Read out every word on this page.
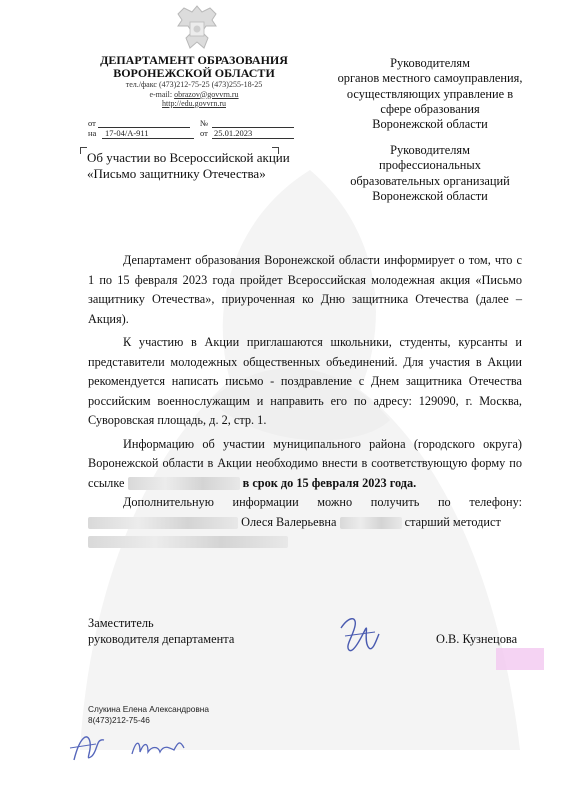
ДЕПАРТАМЕНТ ОБРАЗОВАНИЯ
ВОРОНЕЖСКОЙ ОБЛАСТИ
тел./факс (473)212-75-25 (473)255-18-25
e-mail: obrazov@govvrn.ru
http://edu.govvrn.ru
от	№
на 17-04/А-911	от 25.01.2023
Руководителям
органов местного самоуправления,
осуществляющих управление в
сфере образования
Воронежской области
Руководителям
профессиональных
образовательных организаций
Воронежской области
Об участии во Всероссийской акции
«Письмо защитнику Отечества»

Департамент образования Воронежской области информирует о том, что с 1 по 15 февраля 2023 года пройдет Всероссийская молодежная акция «Письмо защитнику Отечества», приуроченная ко Дню защитника Отечества (далее – Акция).

К участию в Акции приглашаются школьники, студенты, курсанты и представители молодежных общественных объединений. Для участия в Акции рекомендуется написать письмо - поздравление с Днем защитника Отечества российским военнослужащим и направить его по адресу: 129090, г. Москва, Суворовская площадь, д. 2, стр. 1.

Информацию об участии муниципального района (городского округа) Воронежской области в Акции необходимо внести в соответствующую форму по ссылке	в срок до 15 февраля 2023 года.

Дополнительную информации можно получить по телефону:

Олеся Валерьевна	старший методист

Заместитель
руководителя департамента	О.В. Кузнецова
Слукина Елена Александровна
8(473)212-75-46
